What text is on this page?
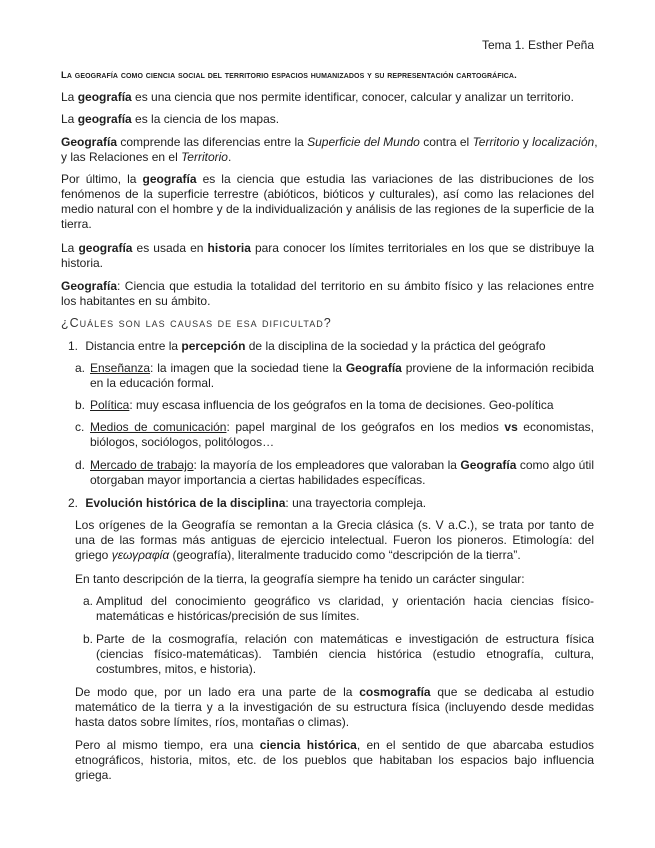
Tema 1. Esther Peña
La geografía como ciencia social del territorio espacios humanizados y su representación cartográfica.
La geografía es una ciencia que nos permite identificar, conocer, calcular y analizar un territorio.
La geografía es la ciencia de los mapas.
Geografía comprende las diferencias entre la Superficie del Mundo contra el Territorio y localización, y las Relaciones en el Territorio.
Por último, la geografía es la ciencia que estudia las variaciones de las distribuciones de los fenómenos de la superficie terrestre (abióticos, bióticos y culturales), así como las relaciones del medio natural con el hombre y de la individualización y análisis de las regiones de la superficie de la tierra.
La geografía es usada en historia para conocer los límites territoriales en los que se distribuye la historia.
Geografía: Ciencia que estudia la totalidad del territorio en su ámbito físico y las relaciones entre los habitantes en su ámbito.
¿Cuáles son las causas de esa dificultad?
1. Distancia entre la percepción de la disciplina de la sociedad y la práctica del geógrafo
a. Enseñanza: la imagen que la sociedad tiene la Geografía proviene de la información recibida en la educación formal.
b. Política: muy escasa influencia de los geógrafos en la toma de decisiones. Geo-política
c. Medios de comunicación: papel marginal de los geógrafos en los medios vs economistas, biólogos, sociólogos, politólogos…
d. Mercado de trabajo: la mayoría de los empleadores que valoraban la Geografía como algo útil otorgaban mayor importancia a ciertas habilidades específicas.
2. Evolución histórica de la disciplina: una trayectoria compleja.
Los orígenes de la Geografía se remontan a la Grecia clásica (s. V a.C.), se trata por tanto de una de las formas más antiguas de ejercicio intelectual. Fueron los pioneros. Etimología: del griego γεωγραφία (geografía), literalmente traducido como “descripción de la tierra”.
En tanto descripción de la tierra, la geografía siempre ha tenido un carácter singular:
a. Amplitud del conocimiento geográfico vs claridad, y orientación hacia ciencias físico-matemáticas e históricas/precisión de sus límites.
b. Parte de la cosmografía, relación con matemáticas e investigación de estructura física (ciencias físico-matemáticas). También ciencia histórica (estudio etnografía, cultura, costumbres, mitos, e historia).
De modo que, por un lado era una parte de la cosmografía que se dedicaba al estudio matemático de la tierra y a la investigación de su estructura física (incluyendo desde medidas hasta datos sobre límites, ríos, montañas o climas).
Pero al mismo tiempo, era una ciencia histórica, en el sentido de que abarcaba estudios etnográficos, historia, mitos, etc. de los pueblos que habitaban los espacios bajo influencia griega.
